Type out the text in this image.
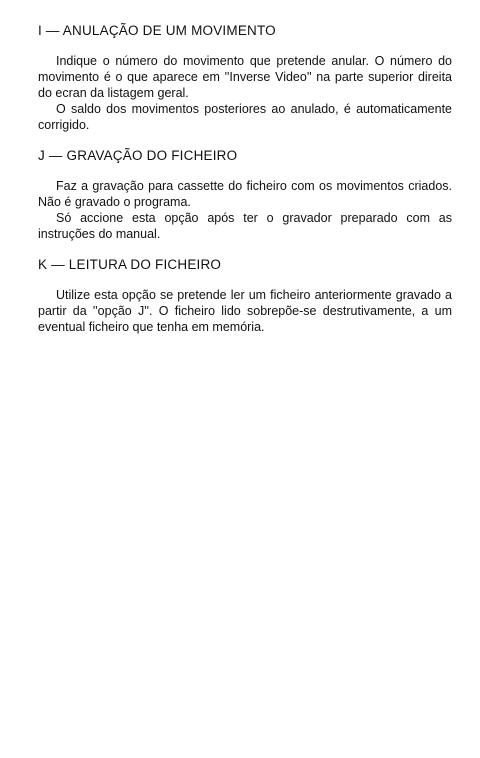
I — ANULAÇÃO DE UM MOVIMENTO

Indique o número do movimento que pretende anular. O número do movimento é o que aparece em ''Inverse Video'' na parte superior direita do ecran da listagem geral.

O saldo dos movimentos posteriores ao anulado, é automaticamente corrigido.

J — GRAVAÇÃO DO FICHEIRO

Faz a gravação para cassette do ficheiro com os movimentos criados. Não é gravado o programa.

Só accione esta opção após ter o gravador preparado com as instruções do manual.

K — LEITURA DO FICHEIRO

Utilize esta opção se pretende ler um ficheiro anteriormente gravado a partir da ''opção J''. O ficheiro lido sobrepõe-se destrutivamente, a um eventual ficheiro que tenha em memória.
